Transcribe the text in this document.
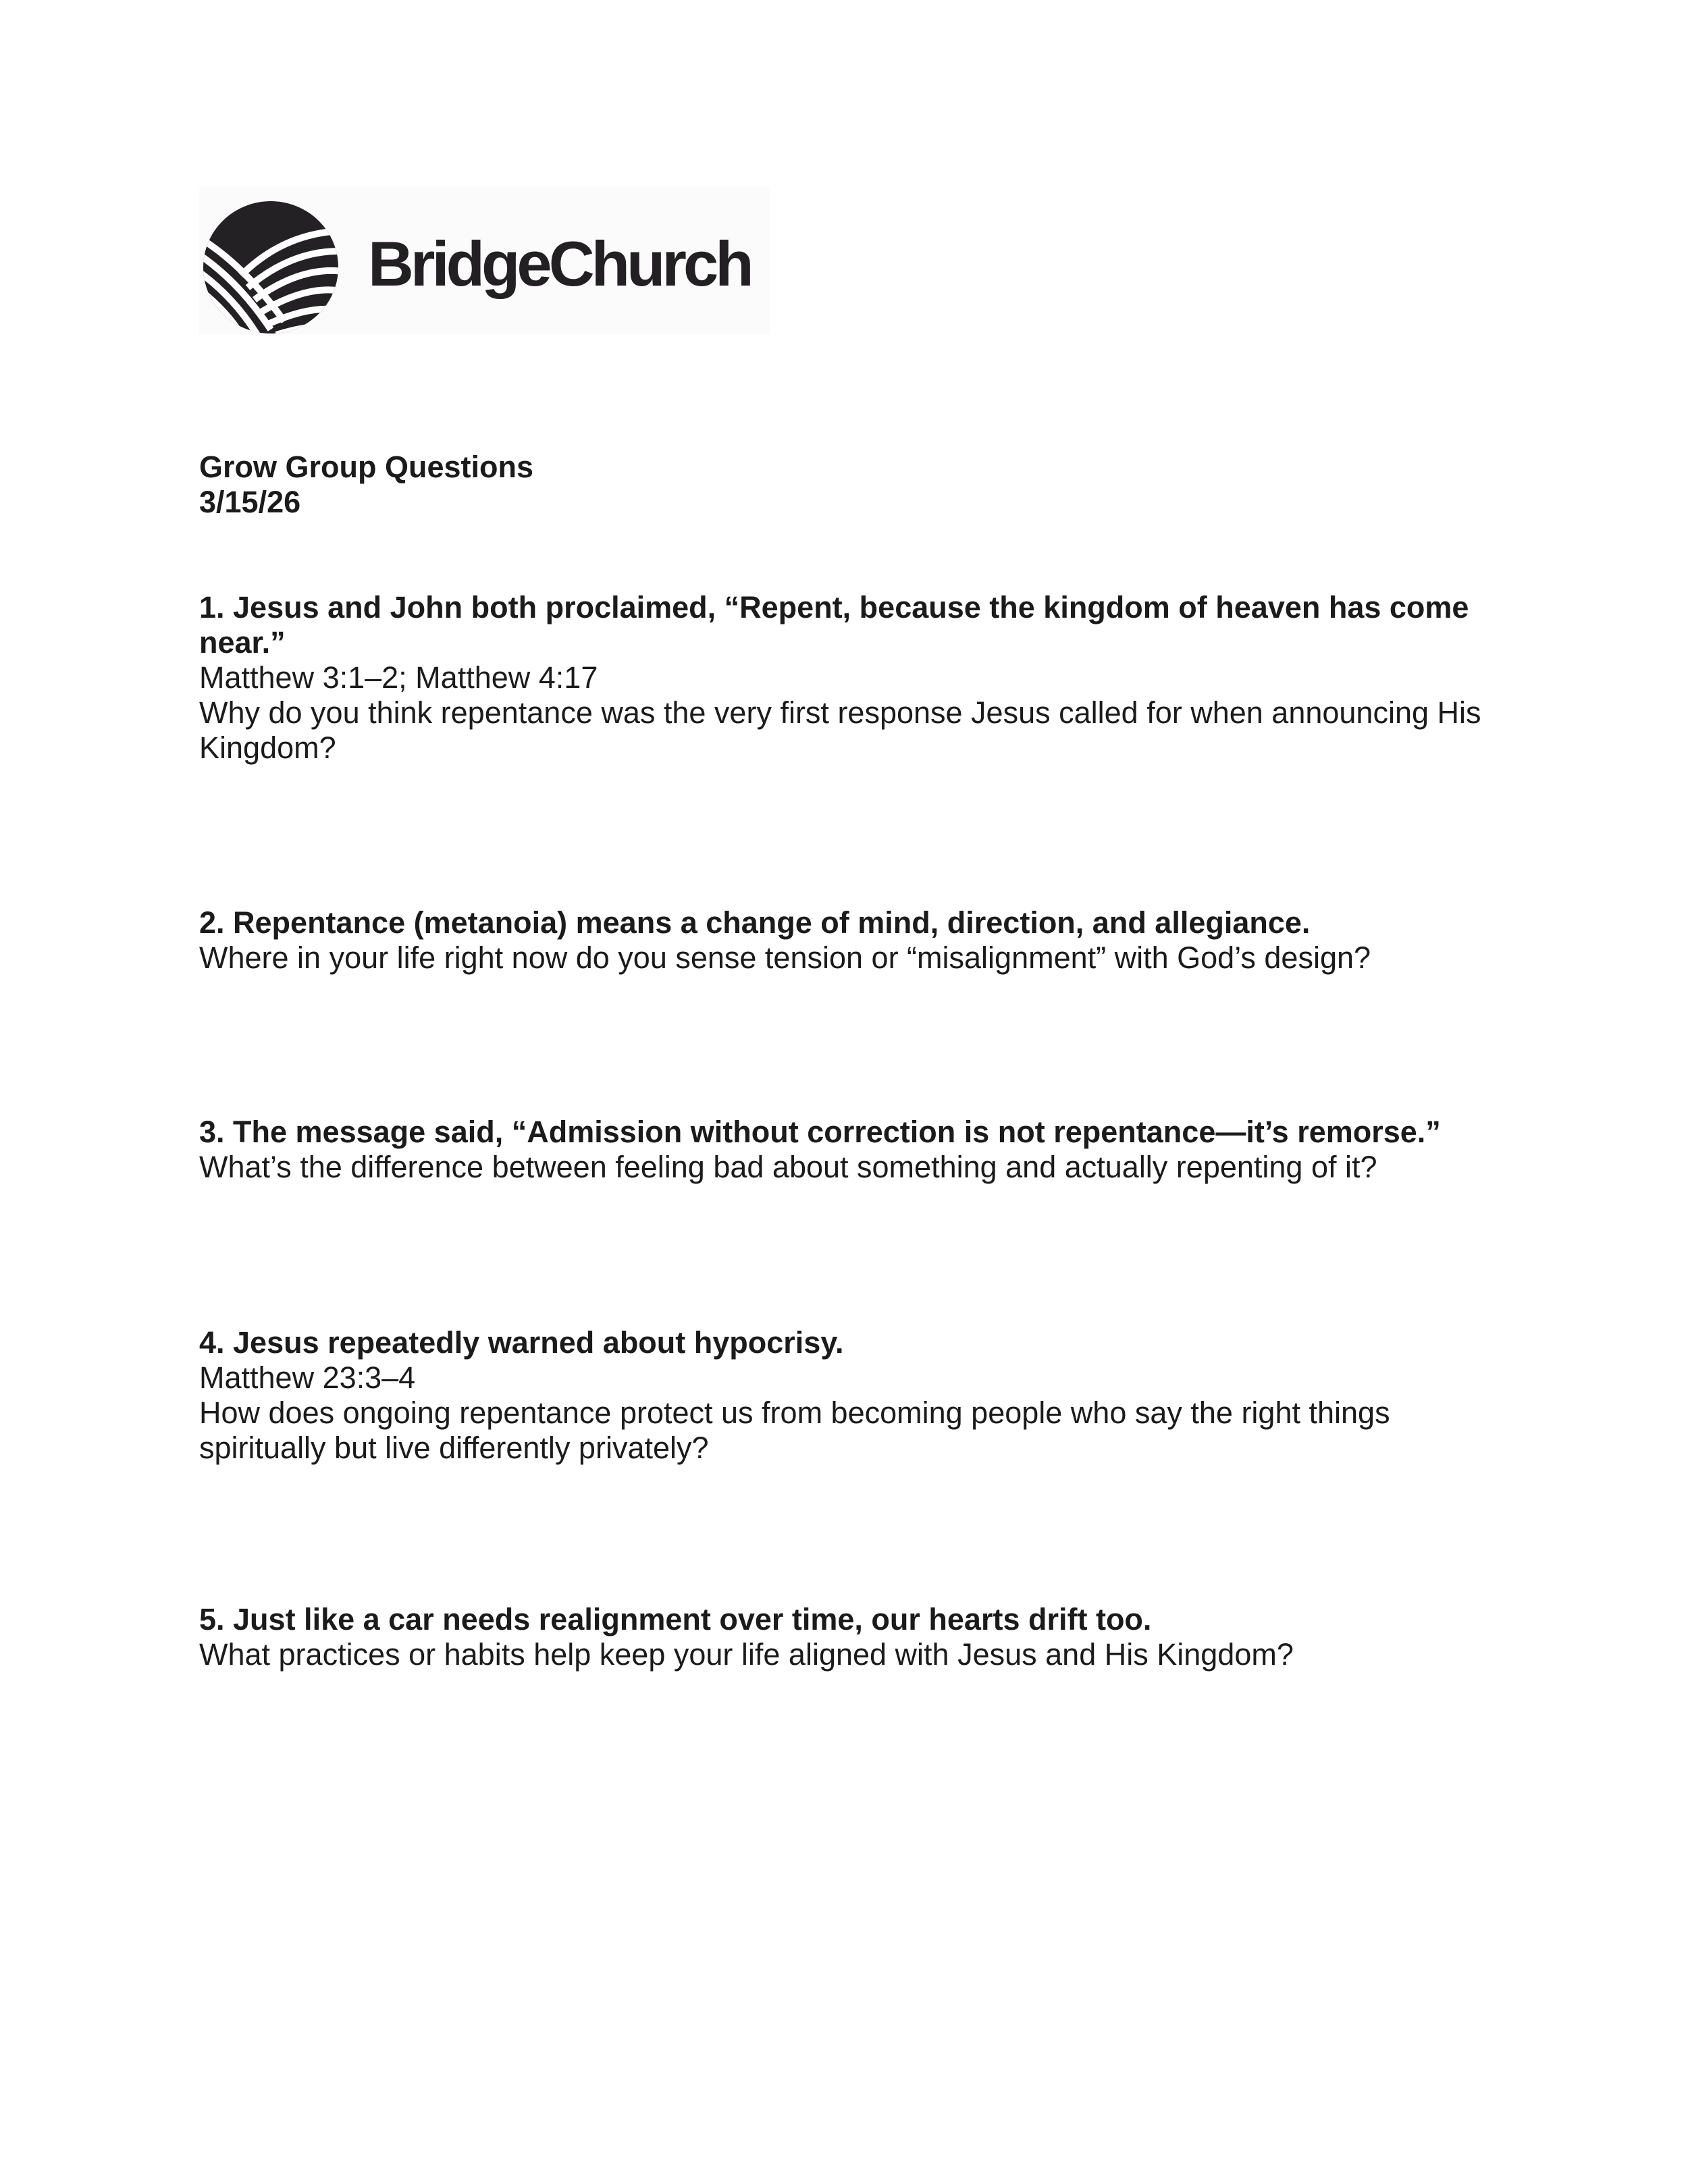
BridgeChurch
Grow Group Questions
3/15/26
1. Jesus and John both proclaimed, “Repent, because the kingdom of heaven has come near.”
Matthew 3:1–2; Matthew 4:17
Why do you think repentance was the very first response Jesus called for when announcing His Kingdom?
2. Repentance (metanoia) means a change of mind, direction, and allegiance.
Where in your life right now do you sense tension or “misalignment” with God’s design?
3. The message said, “Admission without correction is not repentance—it’s remorse.”
What’s the difference between feeling bad about something and actually repenting of it?
4. Jesus repeatedly warned about hypocrisy.
Matthew 23:3–4
How does ongoing repentance protect us from becoming people who say the right things spiritually but live differently privately?
5. Just like a car needs realignment over time, our hearts drift too.
What practices or habits help keep your life aligned with Jesus and His Kingdom?
